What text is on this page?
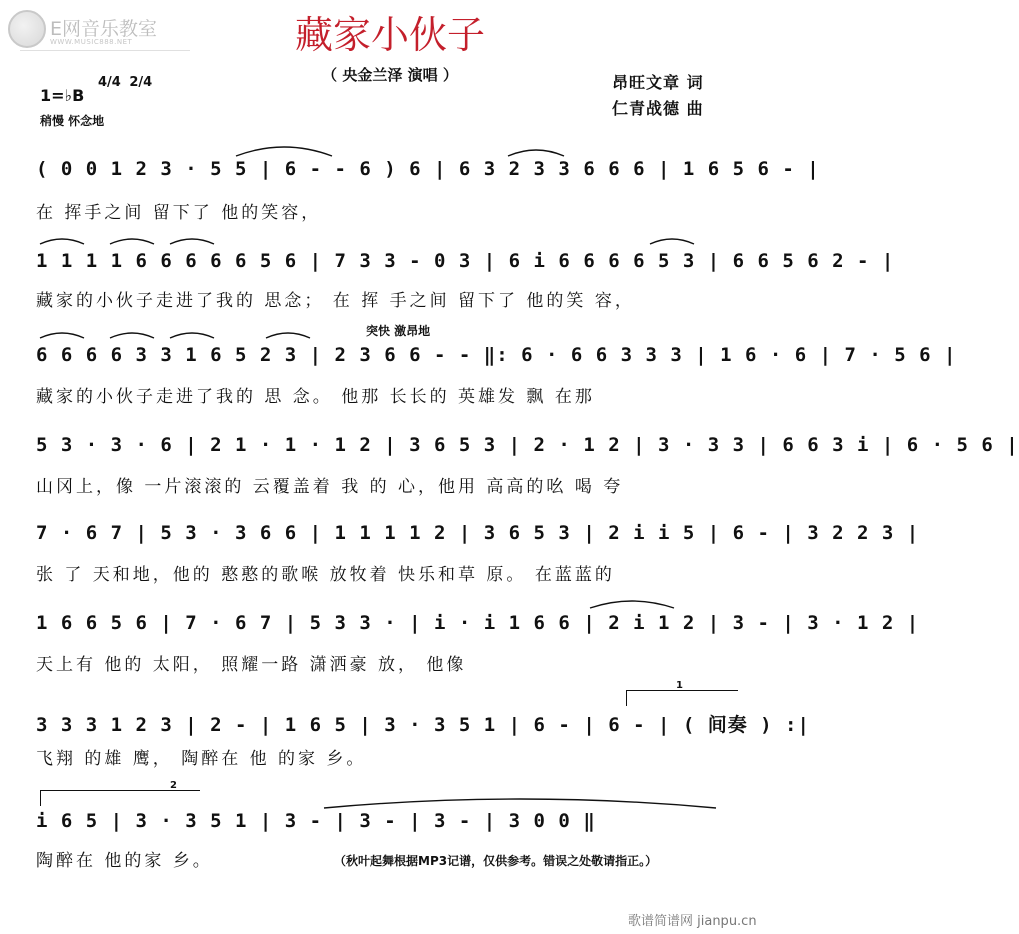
E网音乐教室
WWW.MUSIC888.NET	藏家小伙子
（ 央金兰泽 演唱 ）
1=♭B
4/4 2/4
稍慢 怀念地
昂旺文章 词
仁青战德 曲
( 0 0 1 2 3 · 5 5 | 6 - - 6 ) 6 | 6 3 2 3 3 6 6 6 | 1 6 5 6 - |
在 挥手之间 留下了 他的笑容，
1 1 1 1 6 6 6 6 6 5 6 | 7 3 3 - 0 3 | 6 i 6 6 6 6 5 3 | 6 6 5 6 2 - |
藏家的小伙子走进了我的 思念； 在 挥 手之间 留下了 他的笑 容，
突快 激昂地
6 6 6 6 3 3 1 6 5 2 3 | 2 3 6 6 - - ‖: 6 · 6 6 3 3 3 | 1 6 · 6 | 7 · 5 6 |
藏家的小伙子走进了我的 思 念。 他那 长长的 英雄发 飘 在那
5 3 · 3 · 6 | 2 1 · 1 · 1 2 | 3 6 5 3 | 2 · 1 2 | 3 · 3 3 | 6 6 3 i | 6 · 5 6 |
山冈上，像 一片滚滚的 云覆盖着 我 的 心，他用 高高的吆 喝 夸
7 · 6 7 | 5 3 · 3 6 6 | 1 1 1 1 2 | 3 6 5 3 | 2 i i 5 | 6 - | 3 2 2 3 |
张 了 天和地，他的 憨憨的歌喉 放牧着 快乐和草 原。 在蓝蓝的
1 6 6 5 6 | 7 · 6 7 | 5 3 3 · | i · i 1 6 6 | 2 i 1 2 | 3 - | 3 · 1 2 |
天上有 他的 太阳， 照耀一路 潇洒豪 放， 他像
1
3 3 3 1 2 3 | 2 - | 1 6 5 | 3 · 3 5 1 | 6 - | 6 - | ( 间奏 ) :|
飞翔 的雄 鹰， 陶醉在 他 的家 乡。
2
i 6 5 | 3 · 3 5 1 | 3 - | 3 - | 3 - | 3 0 0 ‖
陶醉在 他的家 乡。	（秋叶起舞根据MP3记谱，仅供参考。错误之处敬请指正。）
歌谱简谱网 jianpu.cn
